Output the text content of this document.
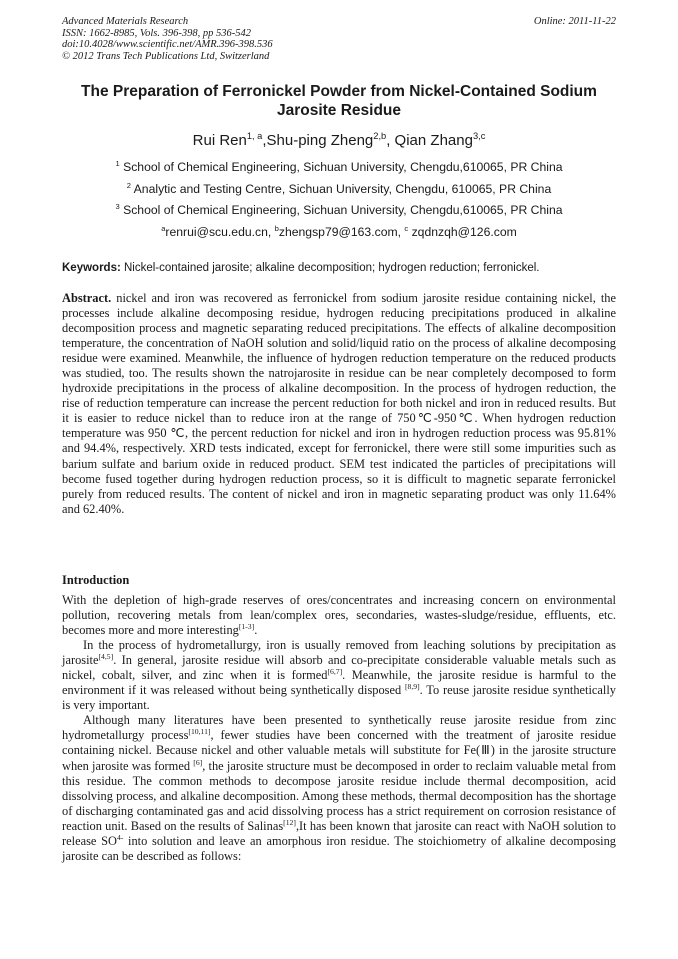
Advanced Materials Research
ISSN: 1662-8985, Vols. 396-398, pp 536-542
doi:10.4028/www.scientific.net/AMR.396-398.536
© 2012 Trans Tech Publications Ltd, Switzerland
Online: 2011-11-22
The Preparation of Ferronickel Powder from Nickel-Contained Sodium Jarosite Residue
Rui Ren$^{1, a}$,Shu-ping Zheng$^{2,b}$, Qian Zhang$^{3,c}$
$^1$ School of Chemical Engineering, Sichuan University, Chengdu,610065, PR China
$^2$ Analytic and Testing Centre, Sichuan University, Chengdu, 610065, PR China
$^3$ School of Chemical Engineering, Sichuan University, Chengdu,610065, PR China
$^a$renrui@scu.edu.cn, $^b$zhengsp79@163.com, $^c$ zqdnzqh@126.com
Keywords: Nickel-contained jarosite; alkaline decomposition; hydrogen reduction; ferronickel.
Abstract. nickel and iron was recovered as ferronickel from sodium jarosite residue containing nickel, the processes include alkaline decomposing residue, hydrogen reducing precipitations produced in alkaline decomposition process and magnetic separating reduced precipitations. The effects of alkaline decomposition temperature, the concentration of NaOH solution and solid/liquid ratio on the process of alkaline decomposing residue were examined. Meanwhile, the influence of hydrogen reduction temperature on the reduced products was studied, too. The results shown the natrojarosite in residue can be near completely decomposed to form hydroxide precipitations in the process of alkaline decomposition. In the process of hydrogen reduction, the rise of reduction temperature can increase the percent reduction for both nickel and iron in reduced results. But it is easier to reduce nickel than to reduce iron at the range of 750℃-950℃. When hydrogen reduction temperature was 950 ℃, the percent reduction for nickel and iron in hydrogen reduction process was 95.81% and 94.4%, respectively. XRD tests indicated, except for ferronickel, there were still some impurities such as barium sulfate and barium oxide in reduced product. SEM test indicated the particles of precipitations will become fused together during hydrogen reduction process, so it is difficult to magnetic separate ferronickel purely from reduced results. The content of nickel and iron in magnetic separating product was only 11.64% and 62.40%.
Introduction

With the depletion of high-grade reserves of ores/concentrates and increasing concern on environmental pollution, recovering metals from lean/complex ores, secondaries, wastes-sludge/residue, effluents, etc. becomes more and more interesting[1-3].

In the process of hydrometallurgy, iron is usually removed from leaching solutions by precipitation as jarosite[4,5]. In general, jarosite residue will absorb and co-precipitate considerable valuable metals such as nickel, cobalt, silver, and zinc when it is formed[6,7]. Meanwhile, the jarosite residue is harmful to the environment if it was released without being synthetically disposed [8,9]. To reuse jarosite residue synthetically is very important.

Although many literatures have been presented to synthetically reuse jarosite residue from zinc hydrometallurgy process[10,11], fewer studies have been concerned with the treatment of jarosite residue containing nickel. Because nickel and other valuable metals will substitute for Fe(Ⅲ) in the jarosite structure when jarosite was formed [6], the jarosite structure must be decomposed in order to reclaim valuable metal from this residue. The common methods to decompose jarosite residue include thermal decomposition, acid dissolving process, and alkaline decomposition. Among these methods, thermal decomposition has the shortage of discharging contaminated gas and acid dissolving process has a strict requirement on corrosion resistance of reaction unit. Based on the results of Salinas[12],It has been known that jarosite can react with NaOH solution to release $SO^{4-}$ into solution and leave an amorphous iron residue. The stoichiometry of alkaline decomposing jarosite can be described as follows:
